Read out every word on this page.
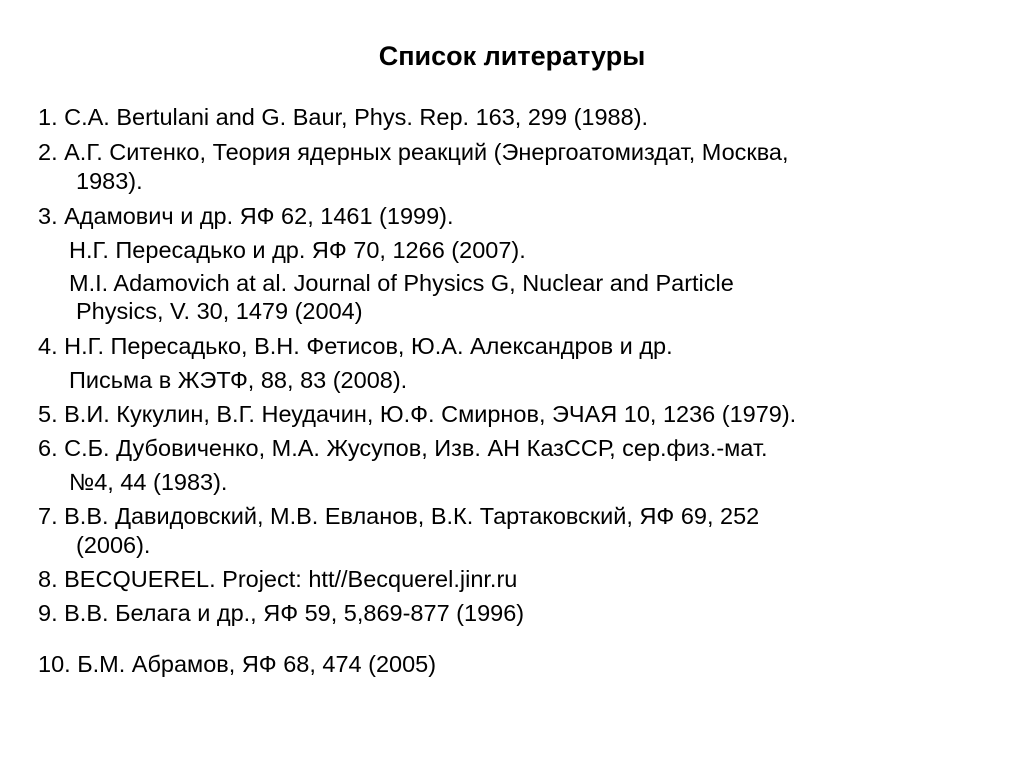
Список литературы
1. C.A. Bertulani and G. Baur, Phys. Rep. 163, 299 (1988).
2. А.Г. Ситенко, Теория ядерных реакций (Энергоатомиздат, Москва,
1983).
3. Адамович и др. ЯФ 62, 1461 (1999).
Н.Г. Пересадько и др. ЯФ 70, 1266 (2007).
M.I. Adamovich at al. Journal of Physics G, Nuclear and Particle
Physics, V. 30, 1479 (2004)
4. Н.Г. Пересадько, В.Н. Фетисов, Ю.А. Александров и др.
Письма в ЖЭТФ, 88, 83 (2008).
5. В.И. Кукулин, В.Г. Неудачин, Ю.Ф. Смирнов, ЭЧАЯ 10, 1236 (1979).
6. С.Б. Дубовиченко, М.А. Жусупов, Изв. АН КазССР, сер.физ.-мат.
№4, 44 (1983).
7. В.В. Давидовский, М.В. Евланов, В.К. Тартаковский, ЯФ 69, 252
(2006).
8. BECQUEREL. Project: htt//Becquerel.jinr.ru
9. В.В. Белага и др., ЯФ 59, 5,869-877 (1996)
10. Б.М. Абрамов, ЯФ 68, 474 (2005)
